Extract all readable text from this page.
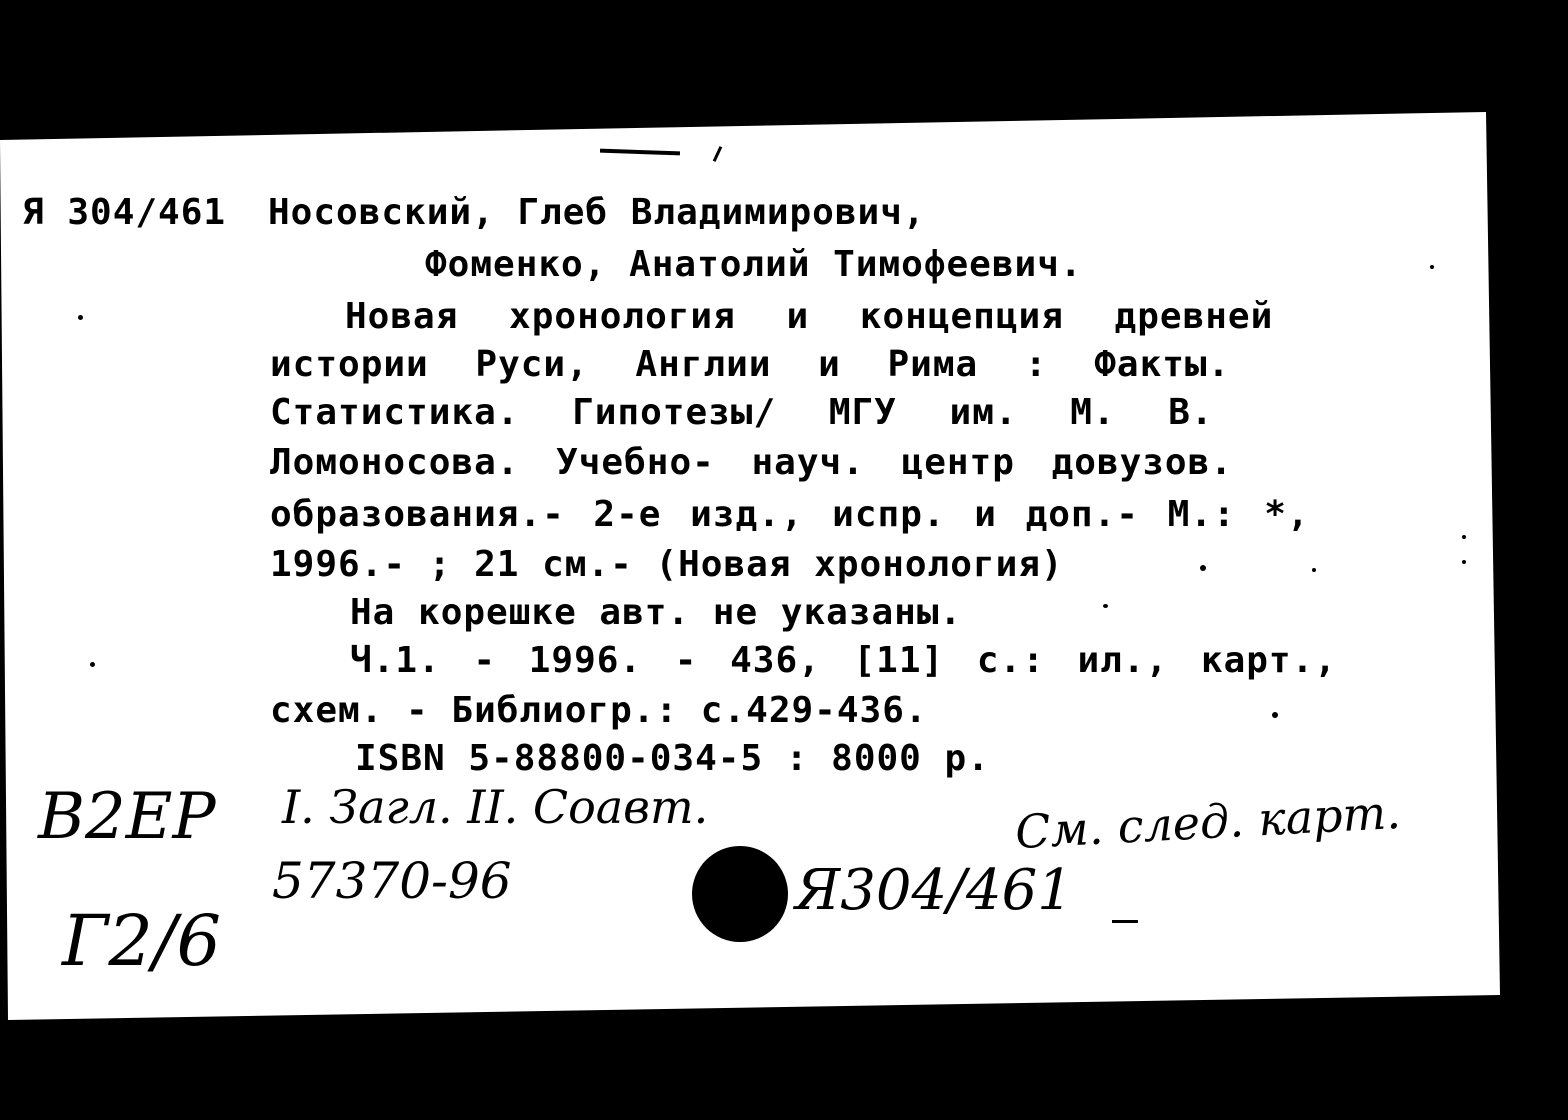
Я 304/461 Носовский, Глеб Владимирович,
Фоменко, Анатолий Тимофеевич.
Новая хронология и концепция древней
истории Руси, Англии и Рима : Факты.
Статистика. Гипотезы/ МГУ им. М. В.
Ломоносова. Учебно- науч. центр довузов.
образования.- 2-е изд., испр. и доп.- М.: *,
1996.- ; 21 см.- (Новая хронология)
На корешке авт. не указаны.
Ч.1. - 1996. - 436, [11] с.: ил., карт.,
схем. - Библиогр.: с.429-436.
ISBN 5-88800-034-5 : 8000 р.
В2ЕР
Г2/6
I. Загл. II. Соавт.	См. след. карт.
57370-96	Я304/461
